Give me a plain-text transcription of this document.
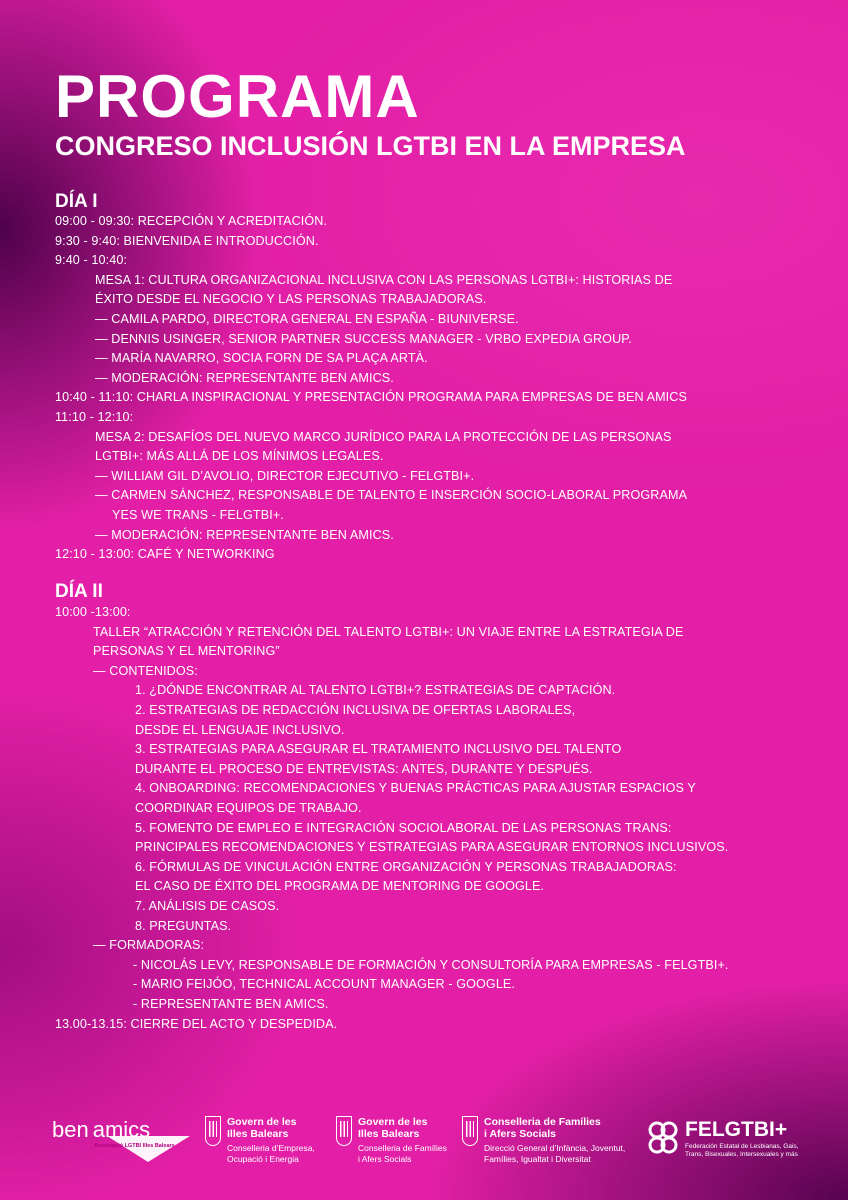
PROGRAMA
CONGRESO INCLUSIÓN LGTBI EN LA EMPRESA
DÍA I
09:00 - 09:30: RECEPCIÓN Y ACREDITACIÓN.
9:30 - 9:40: BIENVENIDA E INTRODUCCIÓN.
9:40 - 10:40:
MESA 1: CULTURA ORGANIZACIONAL INCLUSIVA CON LAS PERSONAS LGTBI+: HISTORIAS DE
ÉXITO DESDE EL NEGOCIO Y LAS PERSONAS TRABAJADORAS.
— CAMILA PARDO, DIRECTORA GENERAL EN ESPAÑA - BIUNIVERSE.
— DENNIS USINGER, SENIOR PARTNER SUCCESS MANAGER - VRBO EXPEDIA GROUP.
— MARÍA NAVARRO, SOCIA FORN DE SA PLAÇA ARTÀ.
— MODERACIÓN: REPRESENTANTE BEN AMICS.
10:40 - 11:10: CHARLA INSPIRACIONAL Y PRESENTACIÓN PROGRAMA PARA EMPRESAS DE BEN AMICS
11:10 - 12:10:
MESA 2: DESAFÍOS DEL NUEVO MARCO JURÍDICO PARA LA PROTECCIÓN DE LAS PERSONAS
LGTBI+: MÁS ALLÁ DE LOS MÍNIMOS LEGALES.
— WILLIAM GIL D’AVOLIO, DIRECTOR EJECUTIVO - FELGTBI+.
— CARMEN SÁNCHEZ, RESPONSABLE DE TALENTO E INSERCIÓN SOCIO-LABORAL PROGRAMA
YES WE TRANS - FELGTBI+.
— MODERACIÓN: REPRESENTANTE BEN AMICS.
12:10 - 13:00: CAFÉ Y NETWORKING
DÍA II
10:00 -13:00:
TALLER “ATRACCIÓN Y RETENCIÓN DEL TALENTO LGTBI+: UN VIAJE ENTRE LA ESTRATEGIA DE
PERSONAS Y EL MENTORING”
— CONTENIDOS:
1. ¿DÓNDE ENCONTRAR AL TALENTO LGTBI+? ESTRATEGIAS DE CAPTACIÓN.
2. ESTRATEGIAS DE REDACCIÓN INCLUSIVA DE OFERTAS LABORALES,
DESDE EL LENGUAJE INCLUSIVO.
3. ESTRATEGIAS PARA ASEGURAR EL TRATAMIENTO INCLUSIVO DEL TALENTO
DURANTE EL PROCESO DE ENTREVISTAS: ANTES, DURANTE Y DESPUÉS.
4. ONBOARDING: RECOMENDACIONES Y BUENAS PRÁCTICAS PARA AJUSTAR ESPACIOS Y
COORDINAR EQUIPOS DE TRABAJO.
5. FOMENTO DE EMPLEO E INTEGRACIÓN SOCIOLABORAL DE LAS PERSONAS TRANS:
PRINCIPALES RECOMENDACIONES Y ESTRATEGIAS PARA ASEGURAR ENTORNOS INCLUSIVOS.
6. FÓRMULAS DE VINCULACIÓN ENTRE ORGANIZACIÓN Y PERSONAS TRABAJADORAS:
EL CASO DE ÉXITO DEL PROGRAMA DE MENTORING DE GOOGLE.
7. ANÁLISIS DE CASOS.
8. PREGUNTAS.
— FORMADORAS:
- NICOLÁS LEVY, RESPONSABLE DE FORMACIÓN Y CONSULTORÍA PARA EMPRESAS - FELGTBI+.
- MARIO FEIJÓO, TECHNICAL ACCOUNT MANAGER - GOOGLE.
- REPRESENTANTE BEN AMICS.
13.00-13.15: CIERRE DEL ACTO Y DESPEDIDA.
ben amics
Associació LGTBI Illes Balears
Govern de les Illes Balears
Conselleria d’Empresa,
Ocupació i Energia
Govern de les Illes Balears
Conselleria de Famílies
i Afers Socials
Conselleria de Famílies
i Afers Socials
Direcció General d’Infància, Joventut,
Famílies, Igualtat i Diversitat
FELGTBI+
Federación Estatal de Lesbianas, Gais,
Trans, Bisexuales, Intersexuales y más
